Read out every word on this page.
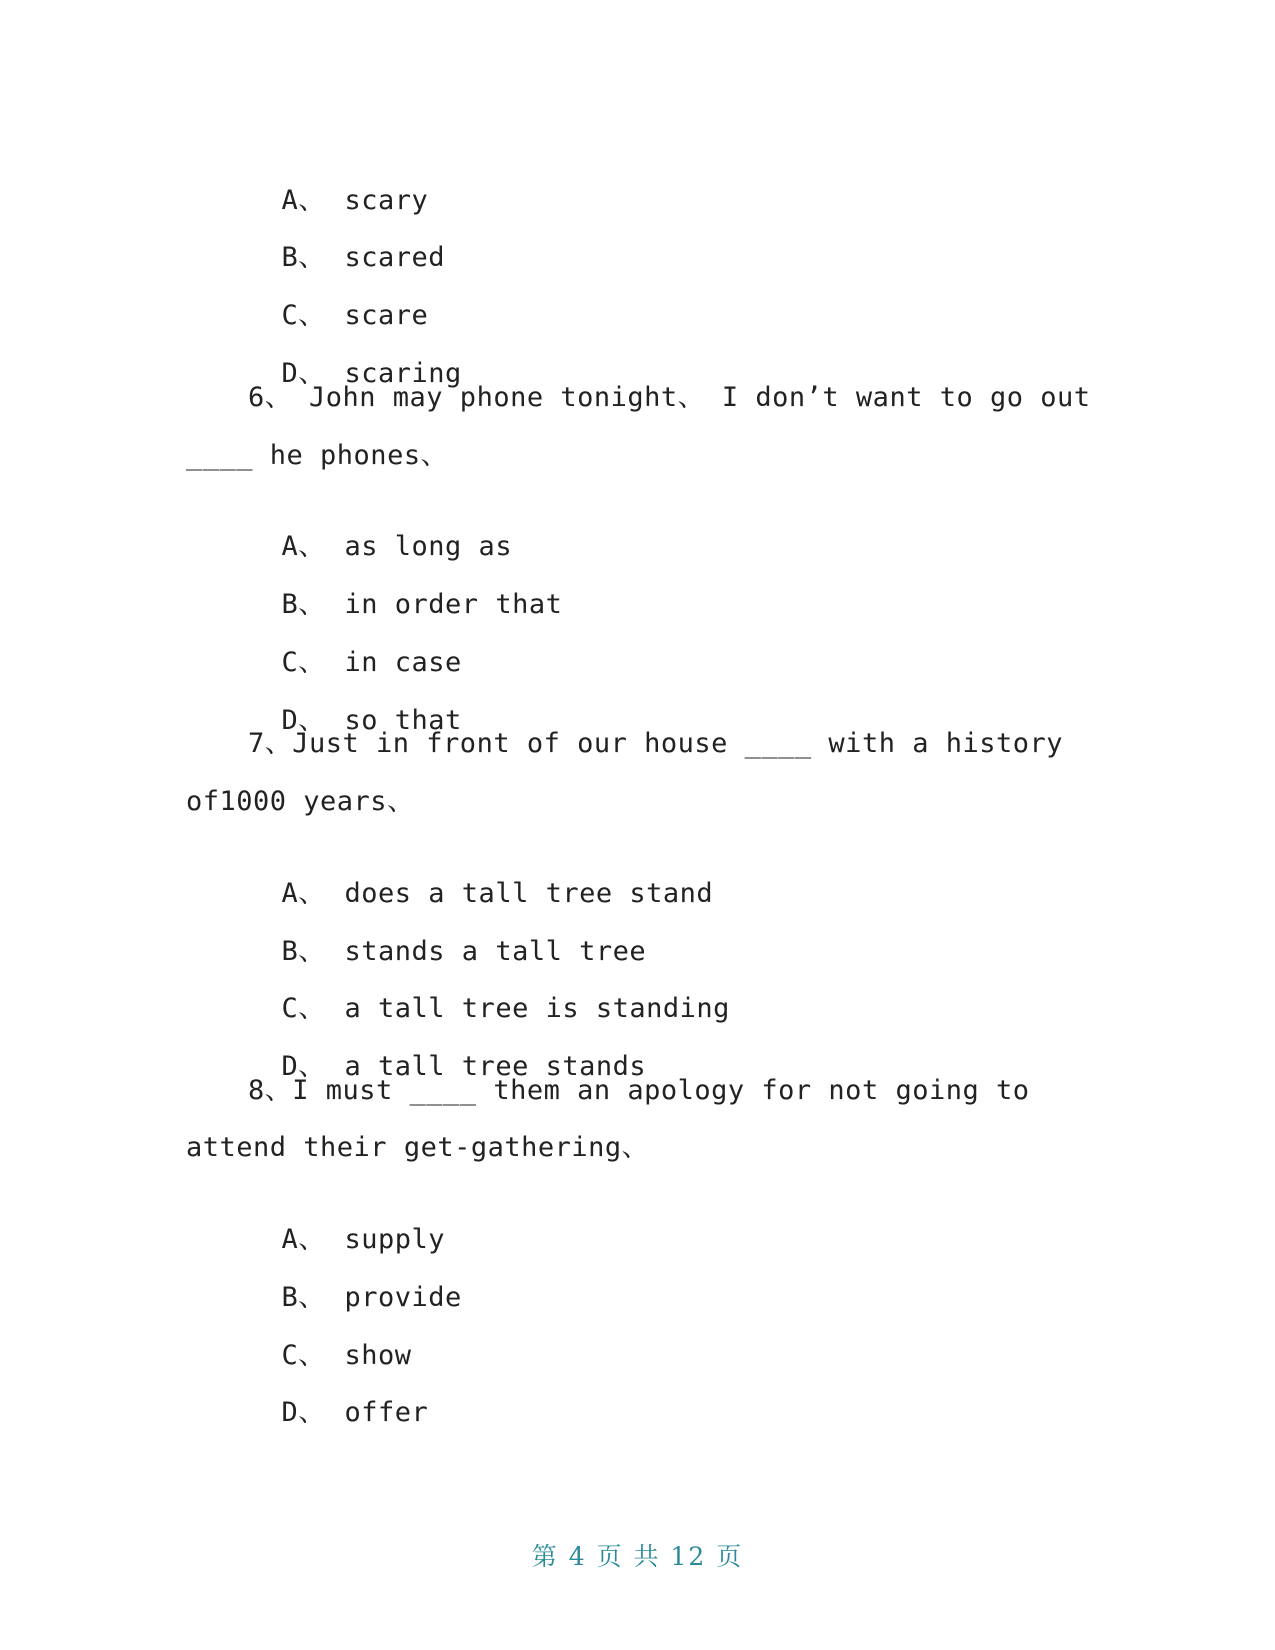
A、 scary

B、 scared

C、 scare

D、 scaring

6、 John may phone tonight、 I don’t want to go out
____ he phones、

A、 as long as

B、 in order that

C、 in case

D、 so that

7、Just in front of our house ____ with a history
of1000 years、

A、 does a tall tree stand

B、 stands a tall tree

C、 a tall tree is standing

D、 a tall tree stands

8、I must ____ them an apology for not going to
attend their get-gathering、

A、 supply

B、 provide

C、 show

D、 offer

第 4 页 共 12 页
